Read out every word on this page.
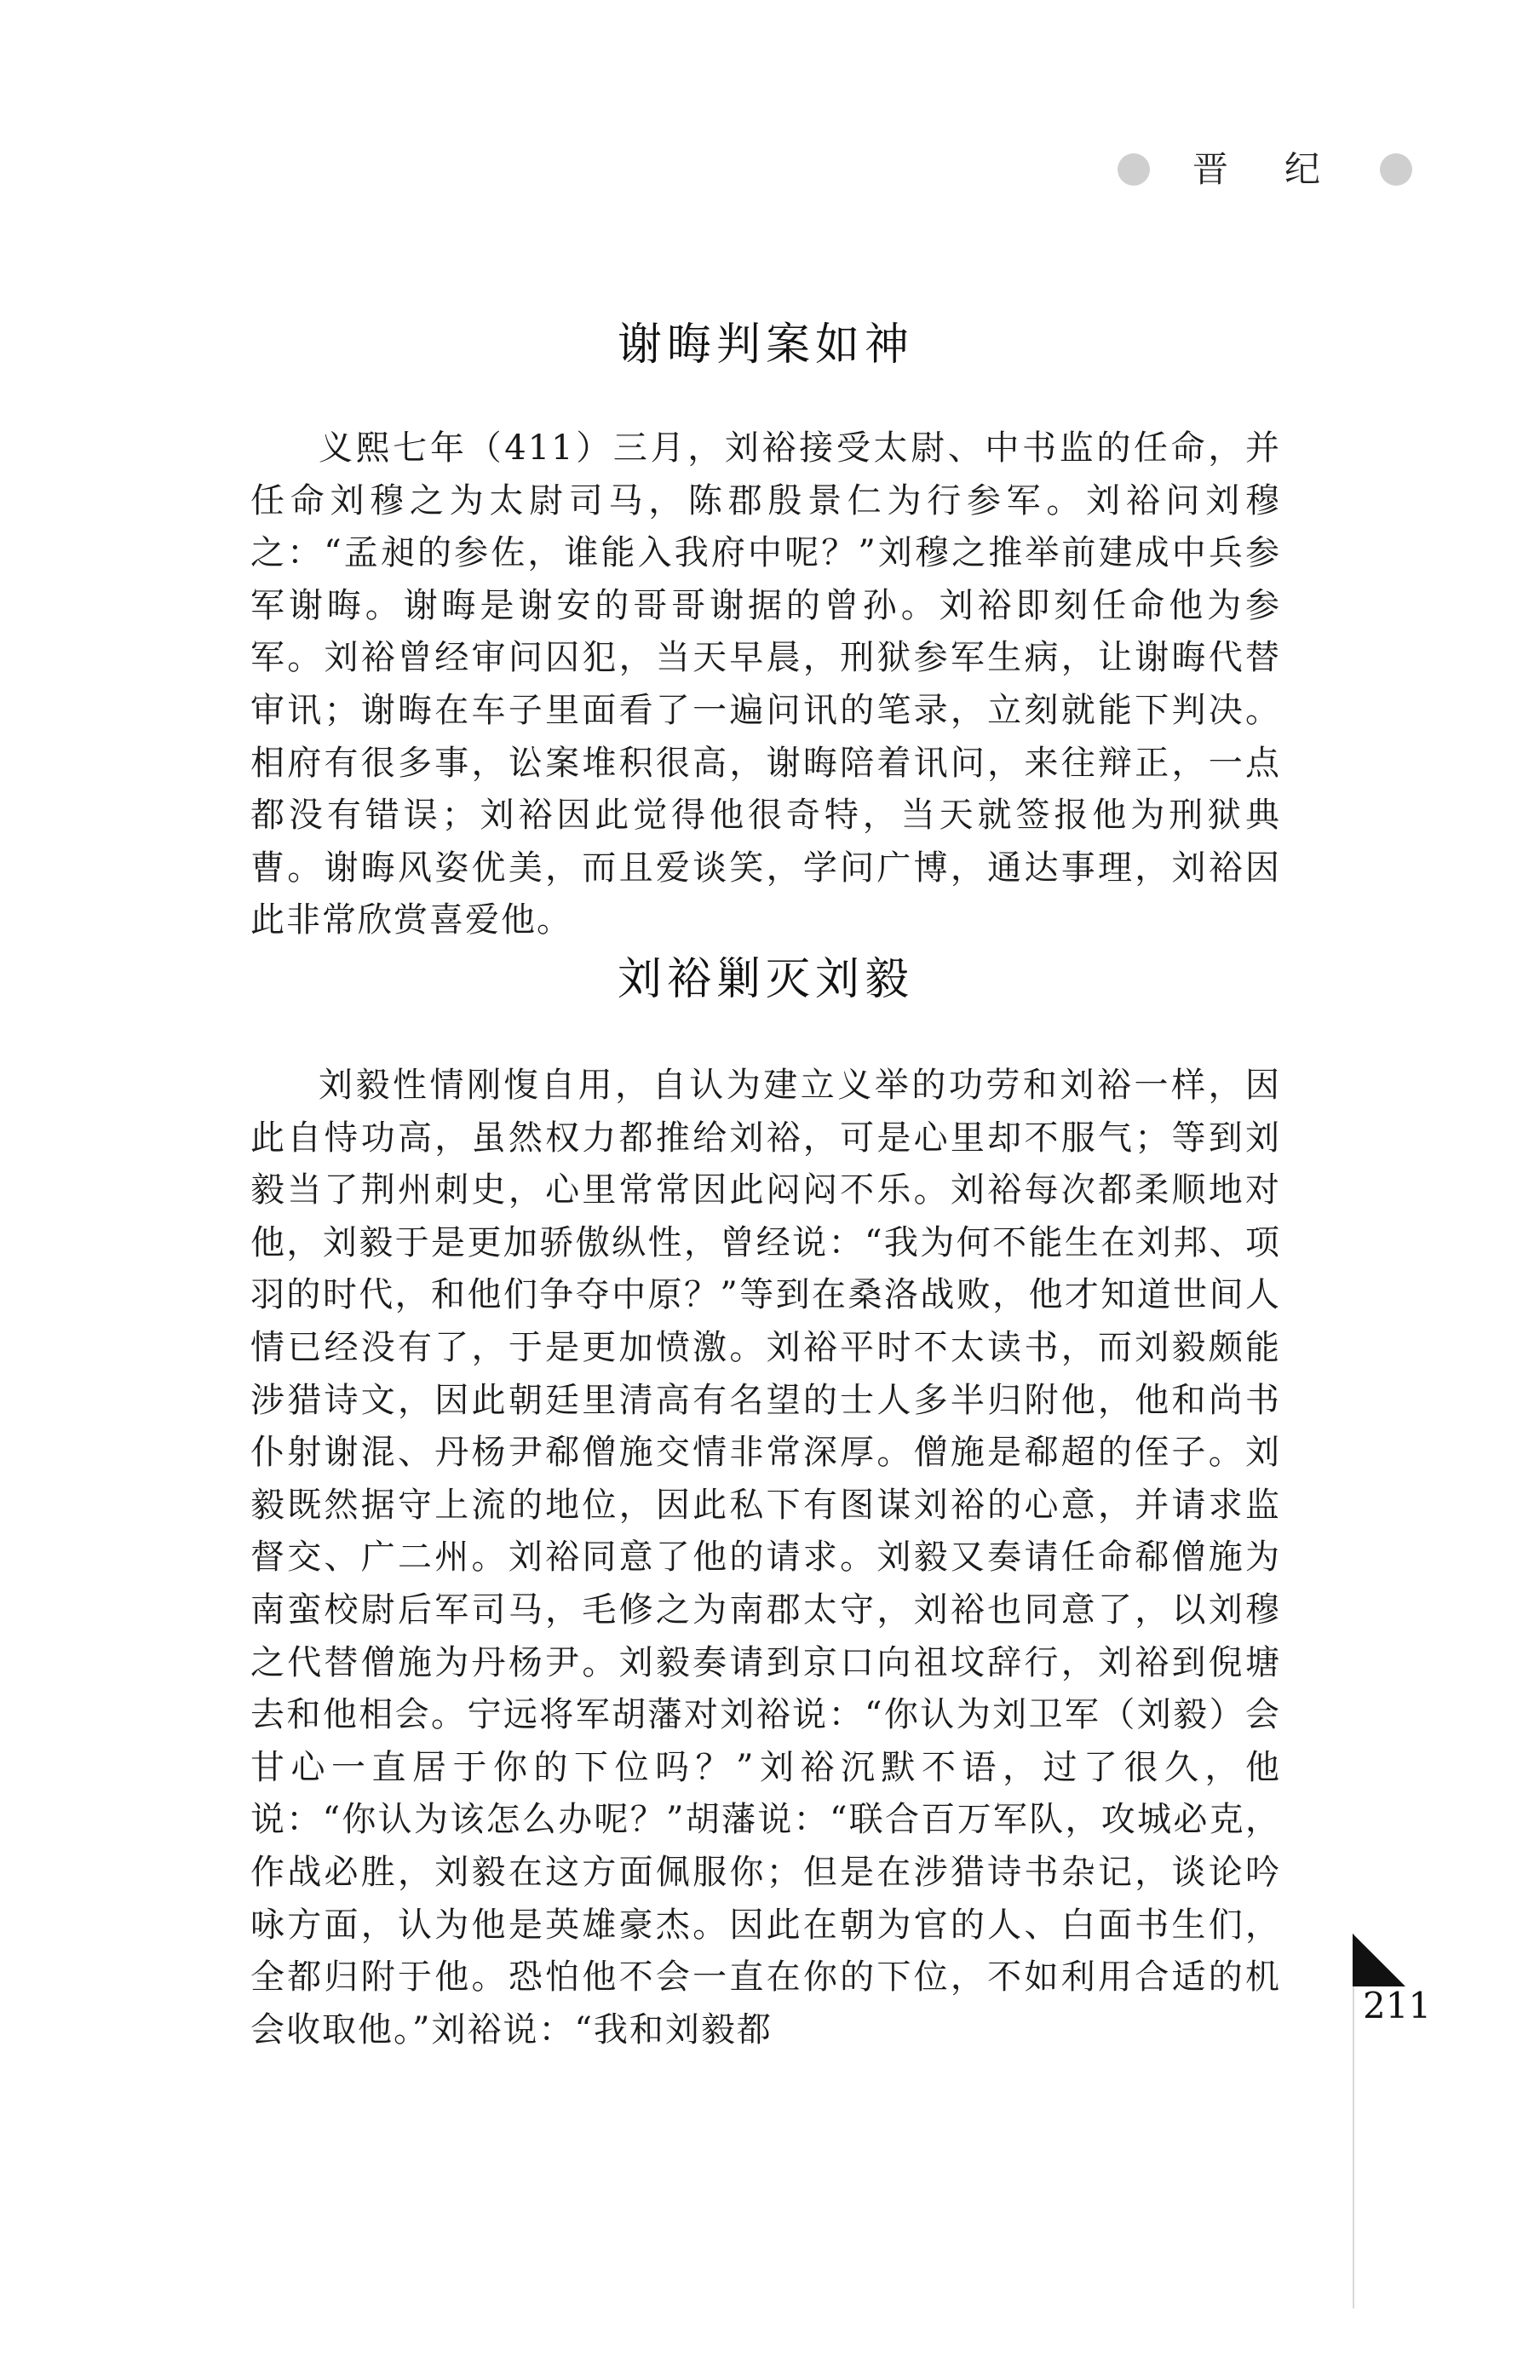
晋纪
谢晦判案如神

义熙七年（411）三月，刘裕接受太尉、中书监的任命，并任命刘穆之为太尉司马，陈郡殷景仁为行参军。刘裕问刘穆之：“孟昶的参佐，谁能入我府中呢？”刘穆之推举前建成中兵参军谢晦。谢晦是谢安的哥哥谢据的曾孙。刘裕即刻任命他为参军。刘裕曾经审问囚犯，当天早晨，刑狱参军生病，让谢晦代替审讯；谢晦在车子里面看了一遍问讯的笔录，立刻就能下判决。相府有很多事，讼案堆积很高，谢晦陪着讯问，来往辩正，一点都没有错误；刘裕因此觉得他很奇特，当天就签报他为刑狱典曹。谢晦风姿优美，而且爱谈笑，学问广博，通达事理，刘裕因此非常欣赏喜爱他。

刘裕剿灭刘毅

刘毅性情刚愎自用，自认为建立义举的功劳和刘裕一样，因此自恃功高，虽然权力都推给刘裕，可是心里却不服气；等到刘毅当了荆州刺史，心里常常因此闷闷不乐。刘裕每次都柔顺地对他，刘毅于是更加骄傲纵性，曾经说：“我为何不能生在刘邦、项羽的时代，和他们争夺中原？”等到在桑洛战败，他才知道世间人情已经没有了，于是更加愤激。刘裕平时不太读书，而刘毅颇能涉猎诗文，因此朝廷里清高有名望的士人多半归附他，他和尚书仆射谢混、丹杨尹郗僧施交情非常深厚。僧施是郗超的侄子。刘毅既然据守上流的地位，因此私下有图谋刘裕的心意，并请求监督交、广二州。刘裕同意了他的请求。刘毅又奏请任命郗僧施为南蛮校尉后军司马，毛修之为南郡太守，刘裕也同意了，以刘穆之代替僧施为丹杨尹。刘毅奏请到京口向祖坟辞行，刘裕到倪塘去和他相会。宁远将军胡藩对刘裕说：“你认为刘卫军（刘毅）会甘心一直居于你的下位吗？”刘裕沉默不语，过了很久，他说：“你认为该怎么办呢？”胡藩说：“联合百万军队，攻城必克，作战必胜，刘毅在这方面佩服你；但是在涉猎诗书杂记，谈论吟咏方面，认为他是英雄豪杰。因此在朝为官的人、白面书生们，全都归附于他。恐怕他不会一直在你的下位，不如利用合适的机会收取他。”刘裕说：“我和刘毅都

211
